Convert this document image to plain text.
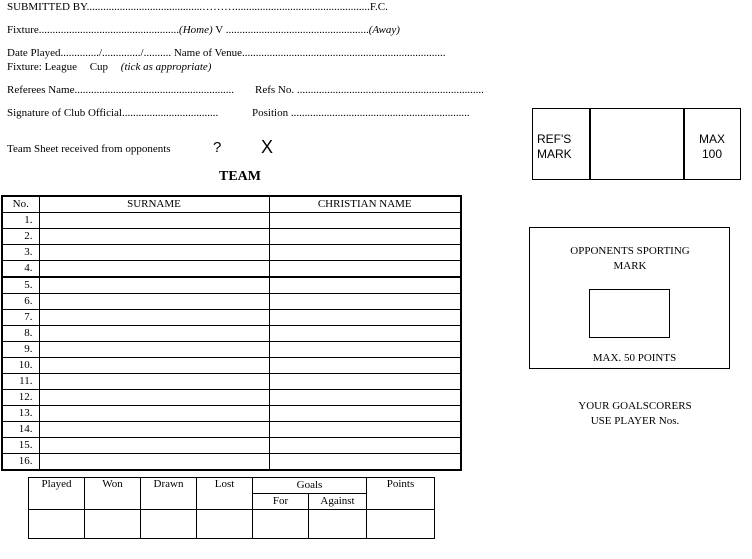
SUBMITTED BY..........................................……….................................................F.C.
Fixture...................................................(Home) V ....................................................(Away)
Date Played............../............../.......... Name of Venue..........................................................................
Fixture: League Cup (tick as appropriate)
Referees Name.......................................................... Refs No. ....................................................................
Signature of Club Official...................................	Position .................................................................
Team Sheet received from opponents	? X
TEAM
No.	SURNAME	CHRISTIAN NAME
1.		
2.		
3.		
4.		
5.		
6.		
7.		
8.		
9.		
10.		
11.		
12.		
13.		
14.		
15.		
16.		
Played	Won	Drawn	Lost	Goals		Points
				For	Against	

REF'S MARK
MAX 100
OPPONENTS SPORTING MARK
MAX. 50 POINTS
YOUR GOALSCORERS
USE PLAYER Nos.
